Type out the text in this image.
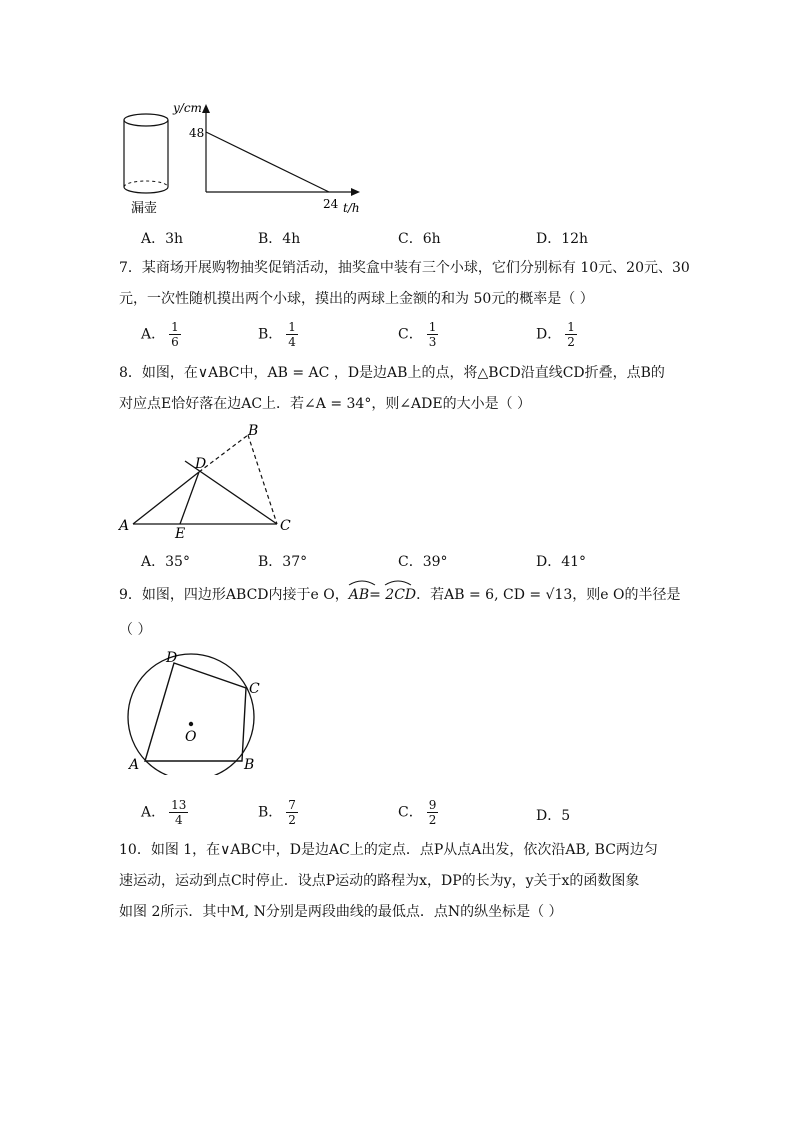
漏壶
y/cm
48
24 t/h
A．3h	B．4h	C．6h	D．12h
7．某商场开展购物抽奖促销活动，抽奖盒中装有三个小球，它们分别标有 10元、20元、30
元，一次性随机摸出两个小球，摸出的两球上金额的和为 50元的概率是（ ）
A． $\frac{1}{6}$	B． $\frac{1}{4}$	C． $\frac{1}{3}$	D． $\frac{1}{2}$
8．如图，在∨ABC中，AB = AC ，D是边AB上的点，将△BCD沿直线CD折叠，点B的
对应点E恰好落在边AC上．若∠A = 34°，则∠ADE的大小是（ ）
A
B
C
D
E
A．35°	B．37°	C．39°	D．41°
9．如图，四边形ABCD内接于e O，
AB
= 2CD．若AB = 6, CD = √13，则e O的半径是
（ ）
A	B
C
D
O
A． $\frac{13}{4}$	B． $\frac{7}{2}$	C． $\frac{9}{2}$	D．5
10．如图 1，在∨ABC中，D是边AC上的定点．点P从点A出发，依次沿AB, BC两边匀
速运动，运动到点C时停止．设点P运动的路程为x，DP的长为y，y关于x的函数图象
如图 2所示．其中M, N分别是两段曲线的最低点．点N的纵坐标是（ ）
